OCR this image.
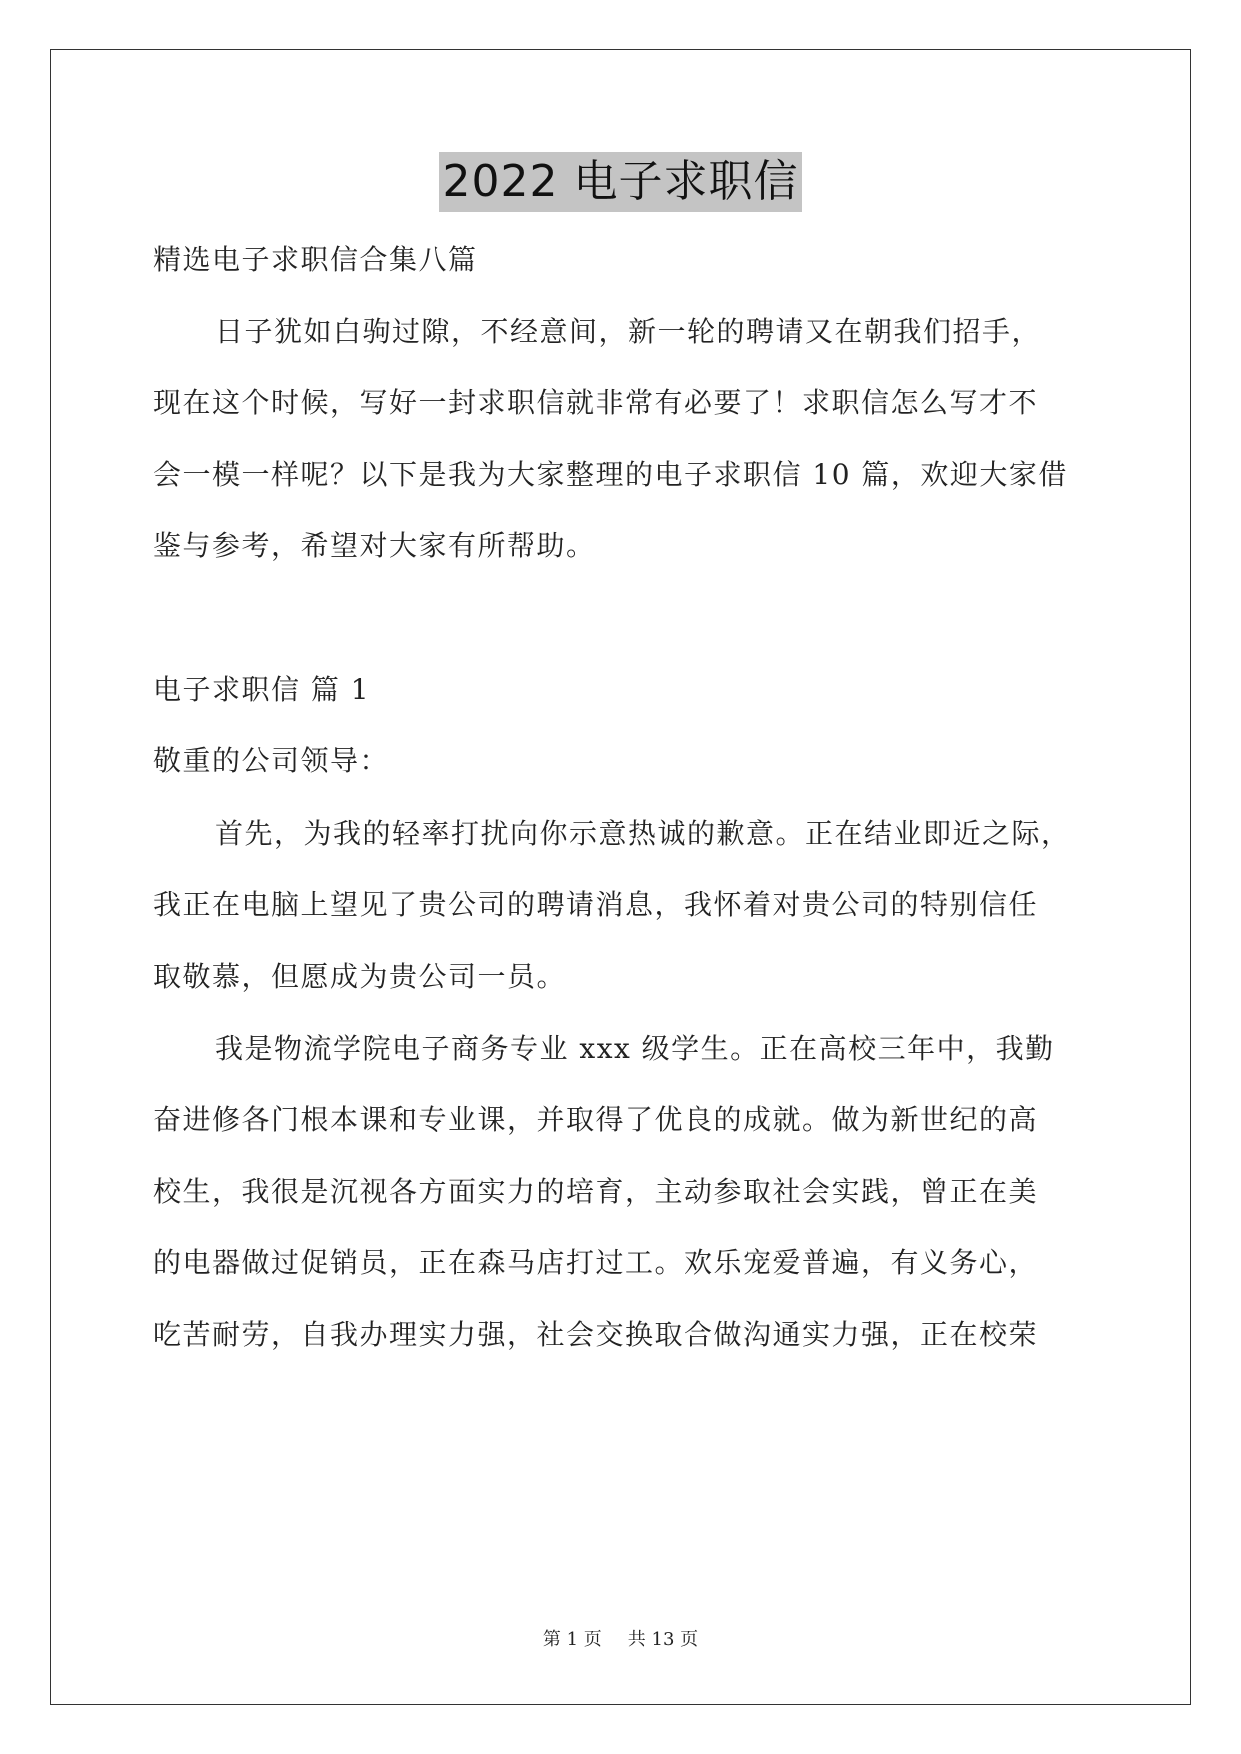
2022 电子求职信
精选电子求职信合集八篇
日子犹如白驹过隙，不经意间，新一轮的聘请又在朝我们招手，
现在这个时候，写好一封求职信就非常有必要了！求职信怎么写才不
会一模一样呢？以下是我为大家整理的电子求职信 10 篇，欢迎大家借
鉴与参考，希望对大家有所帮助。
电子求职信 篇 1
敬重的公司领导：
首先，为我的轻率打扰向你示意热诚的歉意。正在结业即近之际，
我正在电脑上望见了贵公司的聘请消息，我怀着对贵公司的特别信任
取敬慕，但愿成为贵公司一员。
我是物流学院电子商务专业 xxx 级学生。正在高校三年中，我勤
奋进修各门根本课和专业课，并取得了优良的成就。做为新世纪的高
校生，我很是沉视各方面实力的培育，主动参取社会实践，曾正在美
的电器做过促销员，正在森马店打过工。欢乐宠爱普遍，有义务心，
吃苦耐劳，自我办理实力强，社会交换取合做沟通实力强，正在校荣
第 1 页 共 13 页
